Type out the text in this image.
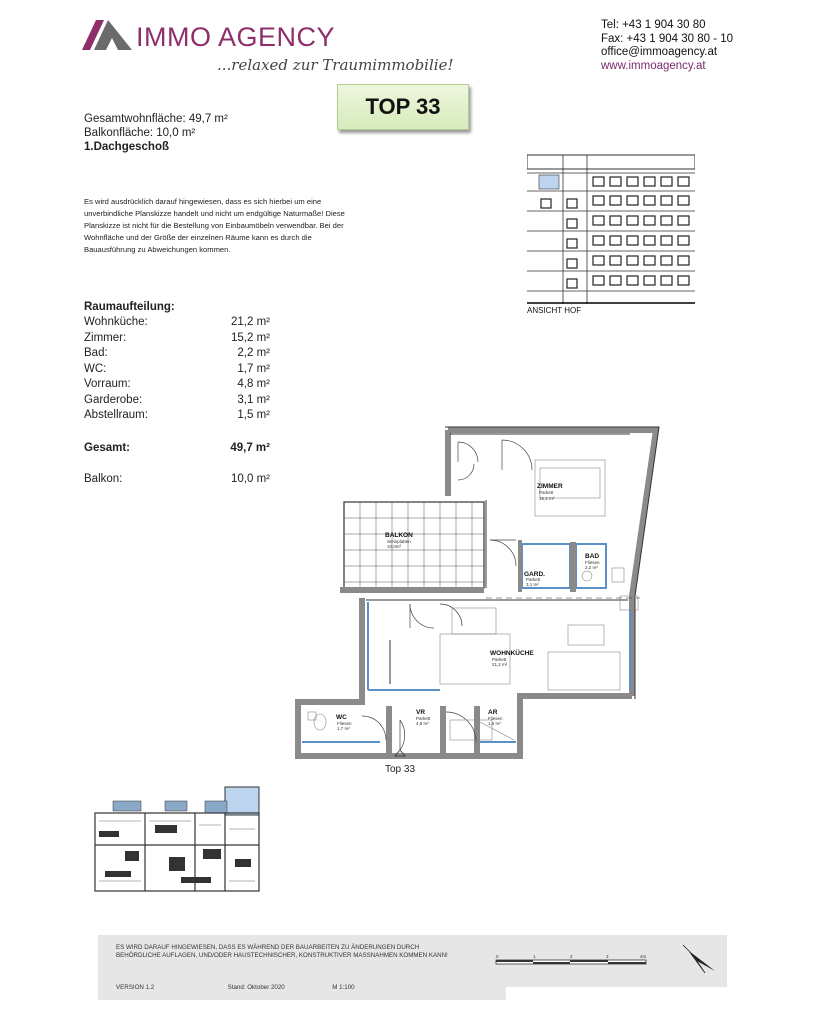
IMMO AGENCY
...relaxed zur Traumimmobilie!
Tel: +43 1 904 30 80
Fax: +43 1 904 30 80 - 10
office@immoagency.at
www.immoagency.at
TOP 33
Gesamtwohnfläche: 49,7 m²
Balkonfläche: 10,0 m²
1.Dachgeschoß
Es wird ausdrücklich darauf hingewiesen, dass es sich hierbei um eine unverbindliche Planskizze handelt und nicht um endgültige Naturmaße! Diese Planskizze ist nicht für die Bestellung von Einbaumöbeln verwendbar. Bei der Wohnfläche und der Größe der einzelnen Räume kann es durch die Bauausführung zu Abweichungen kommen.
Raumaufteilung:
Wohnküche:	21,2 m²
Zimmer:	15,2 m²
Bad:	2,2 m²
WC:	1,7 m²
Vorraum:	4,8 m²
Garderobe:	3,1 m²
Abstellraum:	1,5 m²
Gesamt:	49,7 m²
Balkon:	10,0 m²
ANSICHT HOF
ZIMMER
Parkett
15,2 m²
BALKON
Steinplatten
10,0m²
GARD.
Parkett
3,1 m²
BAD
Fliesen
2,2 m²
WOHNKÜCHE
Parkett
21,2 m²
WC
Fliesen
1,7 m²
VR
Parkett
4,8 m²
AR
Fliesen
1,5 m²
Top 33
ES WIRD DARAUF HINGEWIESEN, DASS ES WÄHREND DER BAUARBEITEN ZU ÄNDERUNGEN DURCH BEHÖRDLICHE AUFLAGEN, UND/ODER HAUSTECHNISCHER, KONSTRUKTIVER MASSNAHMEN KOMMEN KANN!
VERSION 1.2	Stand: Oktober 2020	M 1:100
0	1	2	3	4m
